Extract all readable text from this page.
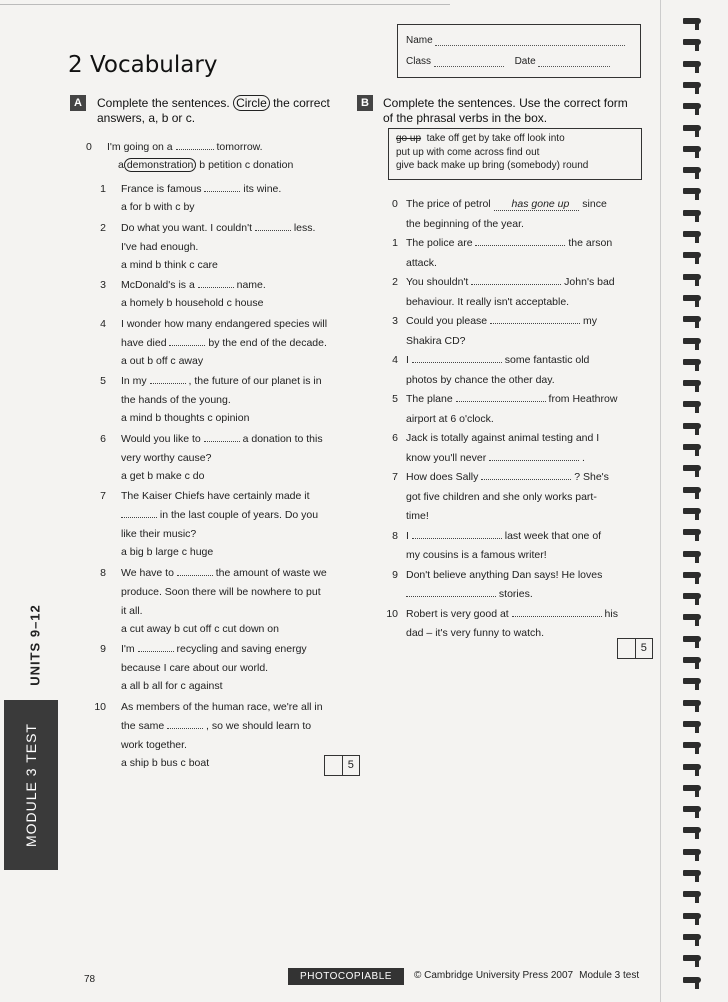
2 Vocabulary
Name
Class	Date
A	Complete the sentences. Circle the correct
answers, a, b or c.
0 I'm going on a	tomorrow.
a demonstration b petition c donation
1 France is famous	its wine.
a for b with c by
2 Do what you want. I couldn't	less.
I've had enough.
a mind b think c care
3 McDonald's is a	name.
a homely b household c house
4 I wonder how many endangered species will
have died	by the end of the decade.
a out b off c away
5 In my	, the future of our planet is in
the hands of the young.
a mind b thoughts c opinion
6 Would you like to	a donation to this
very worthy cause?
a get b make c do
7 The Kaiser Chiefs have certainly made it
in the last couple of years. Do you
like their music?
a big b large c huge
8 We have to	the amount of waste we
produce. Soon there will be nowhere to put
it all.
a cut away b cut off c cut down on
9 I'm	recycling and saving energy
because I care about our world.
a all b all for c against
10 As members of the human race, we're all in
the same	, so we should learn to
work together.
a ship b bus c boat	5
B	Complete the sentences. Use the correct form
of the phrasal verbs in the box.
go up take off get by take off look into
put up with come across find out
give back make up bring (somebody) round
0 The price of petrol has gone up since
the beginning of the year.
1 The police are	the arson
attack.
2 You shouldn't	John's bad
behaviour. It really isn't acceptable.
3 Could you please	my
Shakira CD?
4 I	some fantastic old
photos by chance the other day.
5 The plane	from Heathrow
airport at 6 o'clock.
6 Jack is totally against animal testing and I
know you'll never	.
7 How does Sally	? She's
got five children and she only works part-
time!
8 I	last week that one of
my cousins is a famous writer!
9 Don't believe anything Dan says! He loves
stories.
10 Robert is very good at	his
dad – it's very funny to watch.
5
UNITS 9–12
MODULE 3 TEST
78	PHOTOCOPIABLE	© Cambridge University Press 2007 Module 3 test
